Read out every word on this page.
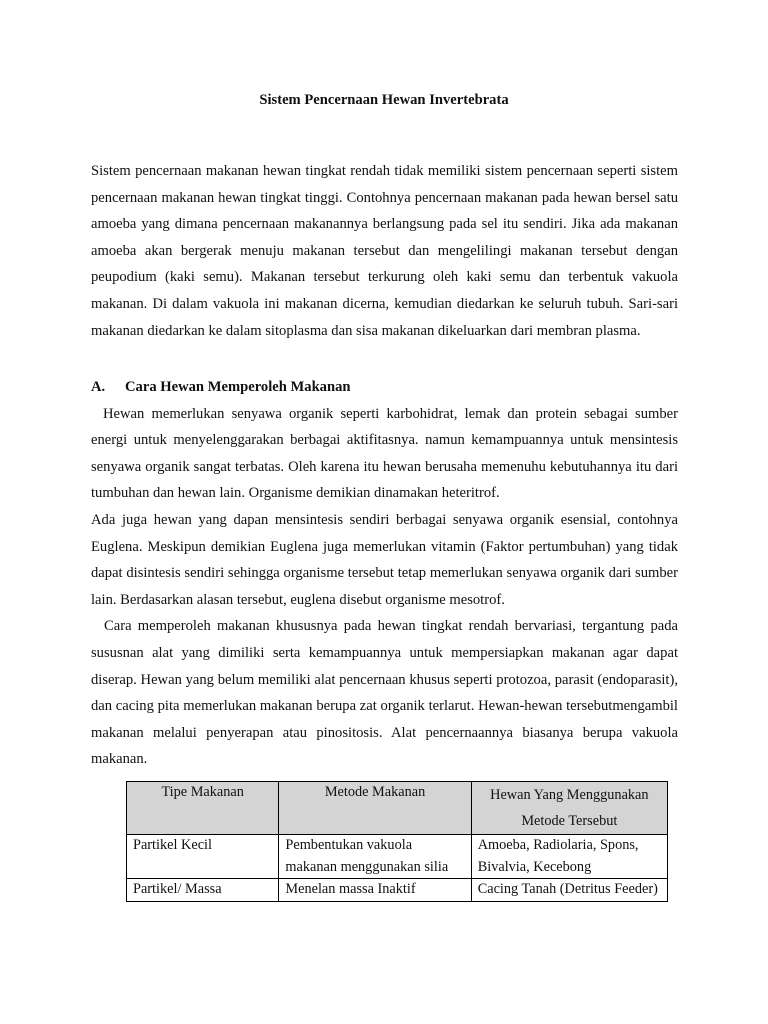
Sistem Pencernaan Hewan Invertebrata

Sistem pencernaan makanan hewan tingkat rendah tidak memiliki sistem pencernaan seperti sistem pencernaan makanan hewan tingkat tinggi. Contohnya pencernaan makanan pada hewan bersel satu amoeba yang dimana pencernaan makanannya berlangsung pada sel itu sendiri. Jika ada makanan amoeba akan bergerak menuju makanan tersebut dan mengelilingi makanan tersebut dengan peupodium (kaki semu). Makanan tersebut terkurung oleh kaki semu dan terbentuk vakuola makanan. Di dalam vakuola ini makanan dicerna, kemudian diedarkan ke seluruh tubuh. Sari-sari makanan diedarkan ke dalam sitoplasma dan sisa makanan dikeluarkan dari membran plasma.

A. Cara Hewan Memperoleh Makanan

Hewan memerlukan senyawa organik seperti karbohidrat, lemak dan protein sebagai sumber energi untuk menyelenggarakan berbagai aktifitasnya. namun kemampuannya untuk mensintesis senyawa organik sangat terbatas. Oleh karena itu hewan berusaha memenuhu kebutuhannya itu dari tumbuhan dan hewan lain. Organisme demikian dinamakan heteritrof.

Ada juga hewan yang dapan mensintesis sendiri berbagai senyawa organik esensial, contohnya Euglena. Meskipun demikian Euglena juga memerlukan vitamin (Faktor pertumbuhan) yang tidak dapat disintesis sendiri sehingga organisme tersebut tetap memerlukan senyawa organik dari sumber lain. Berdasarkan alasan tersebut, euglena disebut organisme mesotrof.

Cara memperoleh makanan khususnya pada hewan tingkat rendah bervariasi, tergantung pada sususnan alat yang dimiliki serta kemampuannya untuk mempersiapkan makanan agar dapat diserap. Hewan yang belum memiliki alat pencernaan khusus seperti protozoa, parasit (endoparasit), dan cacing pita memerlukan makanan berupa zat organik terlarut. Hewan-hewan tersebutmengambil makanan melalui penyerapan atau pinositosis. Alat pencernaannya biasanya berupa vakuola makanan.

Tipe Makanan	Metode Makanan	Hewan Yang Menggunakan Metode Tersebut
Partikel Kecil	Pembentukan vakuola makanan menggunakan silia	Amoeba, Radiolaria, Spons, Bivalvia, Kecebong
Partikel/ Massa	Menelan massa Inaktif	Cacing Tanah (Detritus Feeder)
